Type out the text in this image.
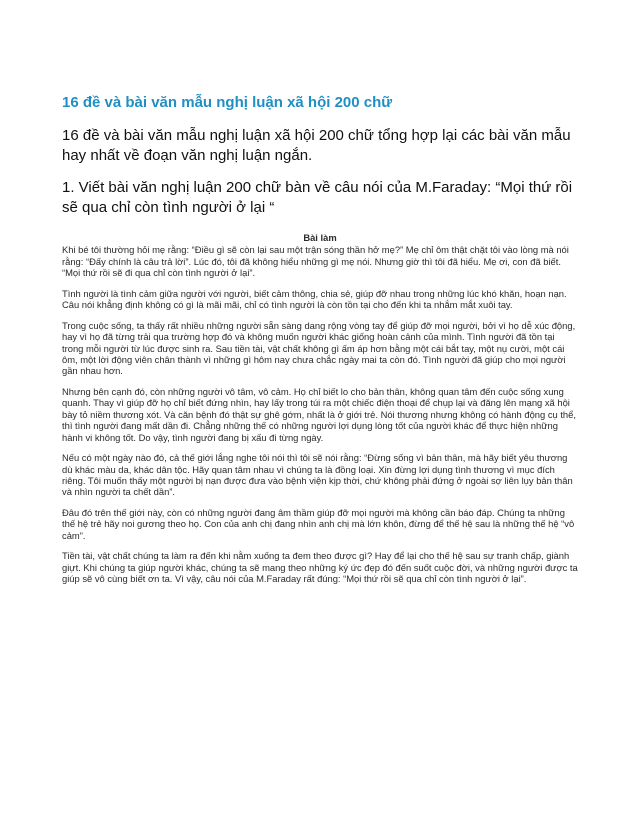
16 đề và bài văn mẫu nghị luận xã hội 200 chữ

16 đề và bài văn mẫu nghị luận xã hội 200 chữ tổng hợp lại các bài văn mẫu hay nhất về đoạn văn nghị luận ngắn.

1. Viết bài văn nghị luận 200 chữ bàn về câu nói của M.Faraday: “Mọi thứ rồi sẽ qua chỉ còn tình người ở lại “

Bài làm

Khi bé tôi thường hỏi mẹ rằng: “Điều gì sẽ còn lại sau một trận sóng thần hở mẹ?” Mẹ chỉ ôm thật chặt tôi vào lòng mà nói rằng: “Đấy chính là câu trả lời”. Lúc đó, tôi đã không hiểu những gì mẹ nói. Nhưng giờ thì tôi đã hiểu. Mẹ ơi, con đã biết. “Mọi thứ rồi sẽ đi qua chỉ còn tình người ở lại”.

Tình người là tình cảm giữa người với người, biết cảm thông, chia sẻ, giúp đỡ nhau trong những lúc khó khăn, hoạn nạn. Câu nói khẳng định không có gì là mãi mãi, chỉ có tình người là còn tồn tại cho đến khi ta nhắm mắt xuôi tay.

Trong cuộc sống, ta thấy rất nhiều những người sẵn sàng dang rộng vòng tay để giúp đỡ mọi người, bởi vì họ dễ xúc động, hay vì họ đã từng trải qua trường hợp đó và không muốn người khác giống hoàn cảnh của mình. Tình người đã tồn tại trong mỗi người từ lúc được sinh ra. Sau tiền tài, vật chất không gì ấm áp hơn bằng một cái bắt tay, một nụ cười, một cái ôm, một lời động viên chân thành vì những gì hôm nay chưa chắc ngày mai ta còn đó. Tình người đã giúp cho mọi người gần nhau hơn.

Nhưng bên cạnh đó, còn những người vô tâm, vô cảm. Họ chỉ biết lo cho bản thân, không quan tâm đến cuộc sống xung quanh. Thay vì giúp đỡ họ chỉ biết đứng nhìn, hay lấy trong túi ra một chiếc điện thoại để chụp lại và đăng lên mạng xã hội bày tỏ niềm thương xót. Và căn bệnh đó thật sự ghê gớm, nhất là ở giới trẻ. Nói thương nhưng không có hành động cụ thể, thì tình người đang mất dần đi. Chẳng những thế có những người lợi dụng lòng tốt của người khác để thực hiện những hành vi không tốt. Do vậy, tình người đang bị xấu đi từng ngày.

Nếu có một ngày nào đó, cả thế giới lắng nghe tôi nói thì tôi sẽ nói rằng: “Đừng sống vì bản thân, mà hãy biết yêu thương dù khác màu da, khác dân tộc. Hãy quan tâm nhau vì chúng ta là đồng loại. Xin đừng lợi dụng tình thương vì mục đích riêng. Tôi muốn thấy một người bị nạn được đưa vào bệnh viện kịp thời, chứ không phải đứng ở ngoài sợ liên lụy bản thân và nhìn người ta chết dần”.

Đâu đó trên thế giới này, còn có những người đang âm thầm giúp đỡ mọi người mà không cần báo đáp. Chúng ta những thế hệ trẻ hãy noi gương theo họ. Con của anh chị đang nhìn anh chị mà lớn khôn, đừng để thế hệ sau là những thế hệ “vô cảm”.

Tiền tài, vật chất chúng ta làm ra đến khi nằm xuống ta đem theo được gì? Hay để lại cho thế hệ sau sự tranh chấp, giành giựt. Khi chúng ta giúp người khác, chúng ta sẽ mang theo những ký ức đẹp đó đến suốt cuộc đời, và những người được ta giúp sẽ vô cùng biết ơn ta. Vì vậy, câu nói của M.Faraday rất đúng: “Mọi thứ rồi sẽ qua chỉ còn tình người ở lại”.
